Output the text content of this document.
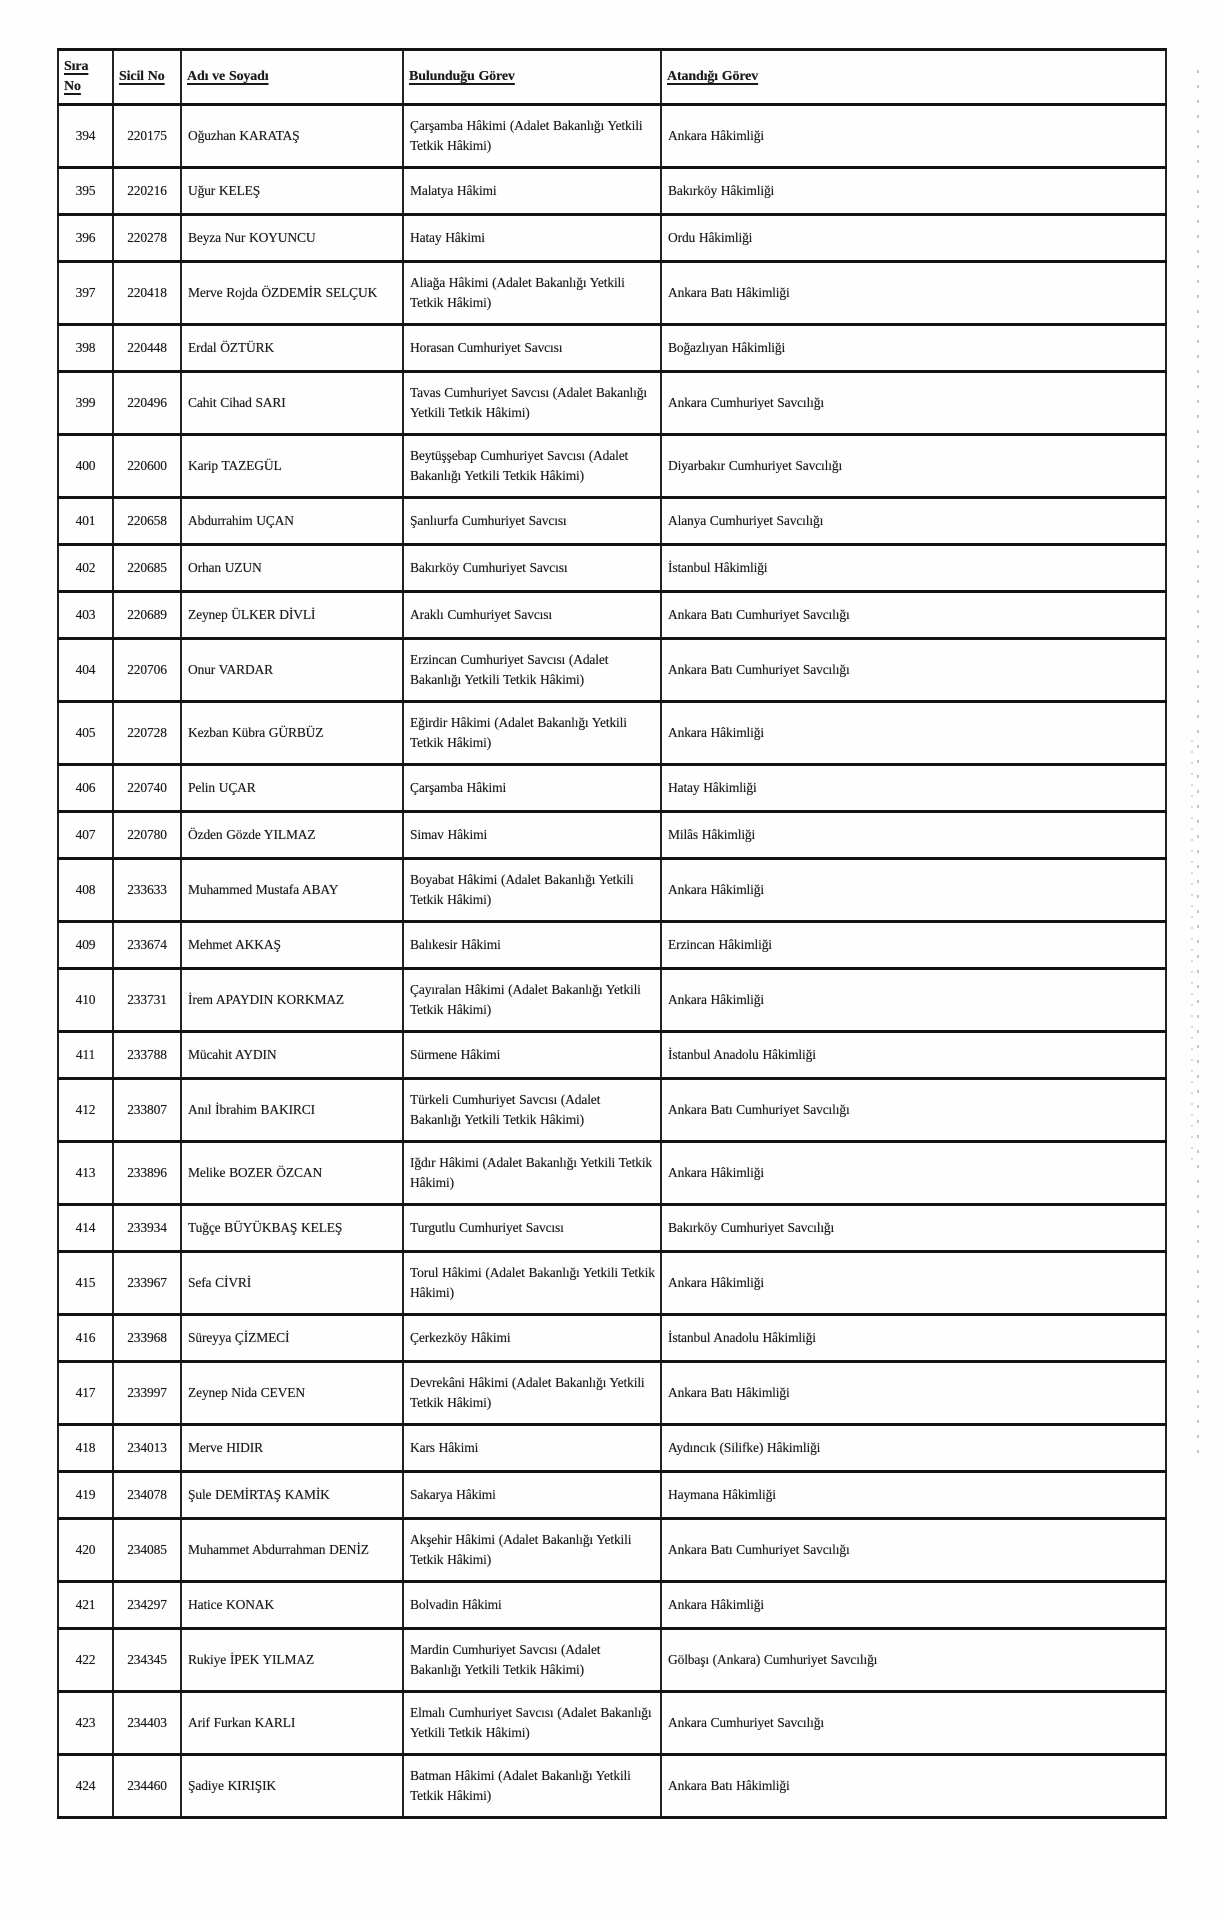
Sıra No	Sicil No	Adı ve Soyadı	Bulunduğu Görev	Atandığı Görev
394	220175	Oğuzhan KARATAŞ	Çarşamba Hâkimi (Adalet Bakanlığı Yetkili Tetkik Hâkimi)	Ankara Hâkimliği
395	220216	Uğur KELEŞ	Malatya Hâkimi	Bakırköy Hâkimliği
396	220278	Beyza Nur KOYUNCU	Hatay Hâkimi	Ordu Hâkimliği
397	220418	Merve Rojda ÖZDEMİR SELÇUK	Aliağa Hâkimi (Adalet Bakanlığı Yetkili Tetkik Hâkimi)	Ankara Batı Hâkimliği
398	220448	Erdal ÖZTÜRK	Horasan Cumhuriyet Savcısı	Boğazlıyan Hâkimliği
399	220496	Cahit Cihad SARI	Tavas Cumhuriyet Savcısı (Adalet Bakanlığı Yetkili Tetkik Hâkimi)	Ankara Cumhuriyet Savcılığı
400	220600	Karip TAZEGÜL	Beytüşşebap Cumhuriyet Savcısı (Adalet Bakanlığı Yetkili Tetkik Hâkimi)	Diyarbakır Cumhuriyet Savcılığı
401	220658	Abdurrahim UÇAN	Şanlıurfa Cumhuriyet Savcısı	Alanya Cumhuriyet Savcılığı
402	220685	Orhan UZUN	Bakırköy Cumhuriyet Savcısı	İstanbul Hâkimliği
403	220689	Zeynep ÜLKER DİVLİ	Araklı Cumhuriyet Savcısı	Ankara Batı Cumhuriyet Savcılığı
404	220706	Onur VARDAR	Erzincan Cumhuriyet Savcısı (Adalet Bakanlığı Yetkili Tetkik Hâkimi)	Ankara Batı Cumhuriyet Savcılığı
405	220728	Kezban Kübra GÜRBÜZ	Eğirdir Hâkimi (Adalet Bakanlığı Yetkili Tetkik Hâkimi)	Ankara Hâkimliği
406	220740	Pelin UÇAR	Çarşamba Hâkimi	Hatay Hâkimliği
407	220780	Özden Gözde YILMAZ	Simav Hâkimi	Milâs Hâkimliği
408	233633	Muhammed Mustafa ABAY	Boyabat Hâkimi (Adalet Bakanlığı Yetkili Tetkik Hâkimi)	Ankara Hâkimliği
409	233674	Mehmet AKKAŞ	Balıkesir Hâkimi	Erzincan Hâkimliği
410	233731	İrem APAYDIN KORKMAZ	Çayıralan Hâkimi (Adalet Bakanlığı Yetkili Tetkik Hâkimi)	Ankara Hâkimliği
411	233788	Mücahit AYDIN	Sürmene Hâkimi	İstanbul Anadolu Hâkimliği
412	233807	Anıl İbrahim BAKIRCI	Türkeli Cumhuriyet Savcısı (Adalet Bakanlığı Yetkili Tetkik Hâkimi)	Ankara Batı Cumhuriyet Savcılığı
413	233896	Melike BOZER ÖZCAN	Iğdır Hâkimi (Adalet Bakanlığı Yetkili Tetkik Hâkimi)	Ankara Hâkimliği
414	233934	Tuğçe BÜYÜKBAŞ KELEŞ	Turgutlu Cumhuriyet Savcısı	Bakırköy Cumhuriyet Savcılığı
415	233967	Sefa CİVRİ	Torul Hâkimi (Adalet Bakanlığı Yetkili Tetkik Hâkimi)	Ankara Hâkimliği
416	233968	Süreyya ÇİZMECİ	Çerkezköy Hâkimi	İstanbul Anadolu Hâkimliği
417	233997	Zeynep Nida CEVEN	Devrekâni Hâkimi (Adalet Bakanlığı Yetkili Tetkik Hâkimi)	Ankara Batı Hâkimliği
418	234013	Merve HIDIR	Kars Hâkimi	Aydıncık (Silifke) Hâkimliği
419	234078	Şule DEMİRTAŞ KAMİK	Sakarya Hâkimi	Haymana Hâkimliği
420	234085	Muhammet Abdurrahman DENİZ	Akşehir Hâkimi (Adalet Bakanlığı Yetkili Tetkik Hâkimi)	Ankara Batı Cumhuriyet Savcılığı
421	234297	Hatice KONAK	Bolvadin Hâkimi	Ankara Hâkimliği
422	234345	Rukiye İPEK YILMAZ	Mardin Cumhuriyet Savcısı (Adalet Bakanlığı Yetkili Tetkik Hâkimi)	Gölbaşı (Ankara) Cumhuriyet Savcılığı
423	234403	Arif Furkan KARLI	Elmalı Cumhuriyet Savcısı (Adalet Bakanlığı Yetkili Tetkik Hâkimi)	Ankara Cumhuriyet Savcılığı
424	234460	Şadiye KIRIŞIK	Batman Hâkimi (Adalet Bakanlığı Yetkili Tetkik Hâkimi)	Ankara Batı Hâkimliği
